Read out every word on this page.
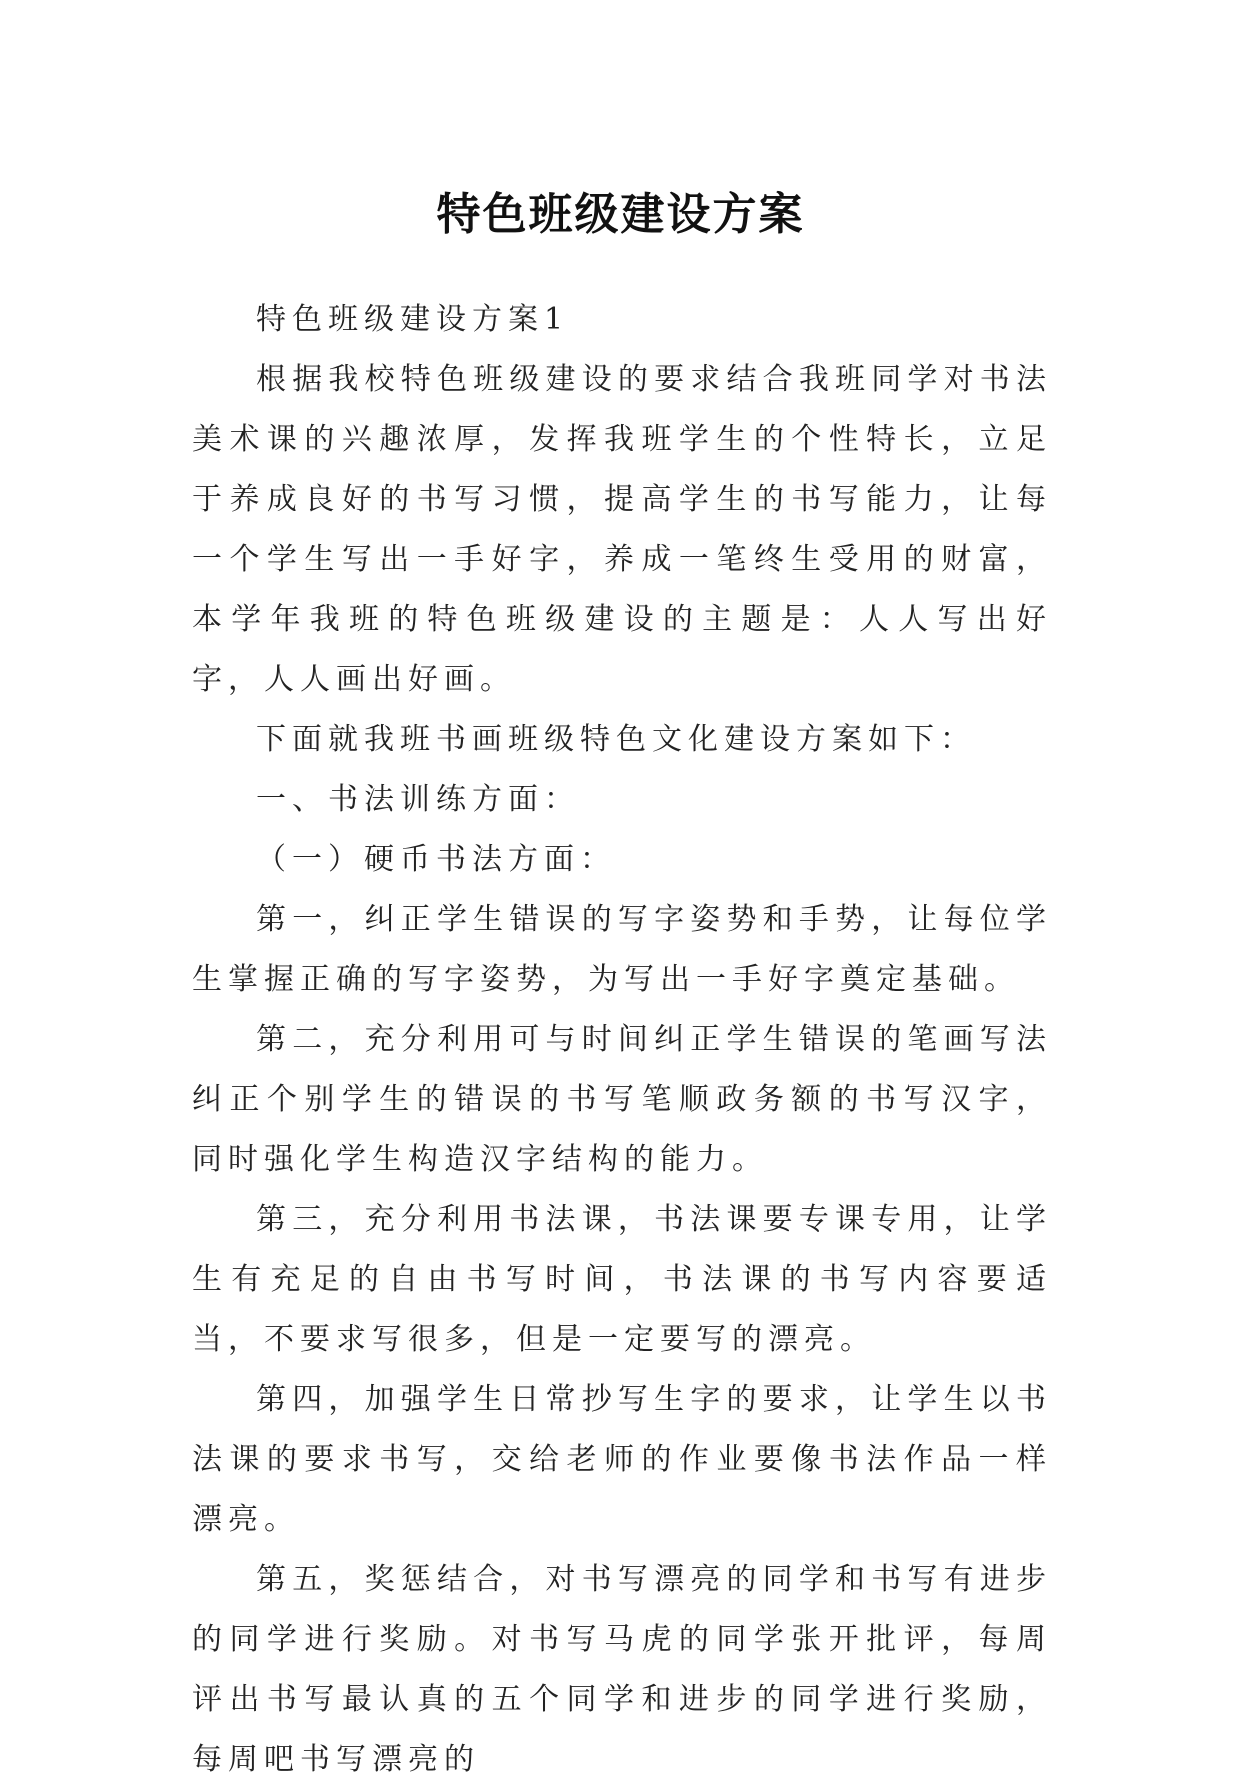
特色班级建设方案

特色班级建设方案1

根据我校特色班级建设的要求结合我班同学对书法美术课的兴趣浓厚，发挥我班学生的个性特长，立足于养成良好的书写习惯，提高学生的书写能力，让每一个学生写出一手好字，养成一笔终生受用的财富，本学年我班的特色班级建设的主题是：人人写出好字，人人画出好画。

下面就我班书画班级特色文化建设方案如下：

一、书法训练方面：

（一）硬币书法方面：

第一，纠正学生错误的写字姿势和手势，让每位学生掌握正确的写字姿势，为写出一手好字奠定基础。

第二，充分利用可与时间纠正学生错误的笔画写法纠正个别学生的错误的书写笔顺政务额的书写汉字，同时强化学生构造汉字结构的能力。

第三，充分利用书法课，书法课要专课专用，让学生有充足的自由书写时间，书法课的书写内容要适当，不要求写很多，但是一定要写的漂亮。

第四，加强学生日常抄写生字的要求，让学生以书法课的要求书写，交给老师的作业要像书法作品一样漂亮。

第五，奖惩结合，对书写漂亮的同学和书写有进步的同学进行奖励。对书写马虎的同学张开批评，每周评出书写最认真的五个同学和进步的同学进行奖励，每周吧书写漂亮的
